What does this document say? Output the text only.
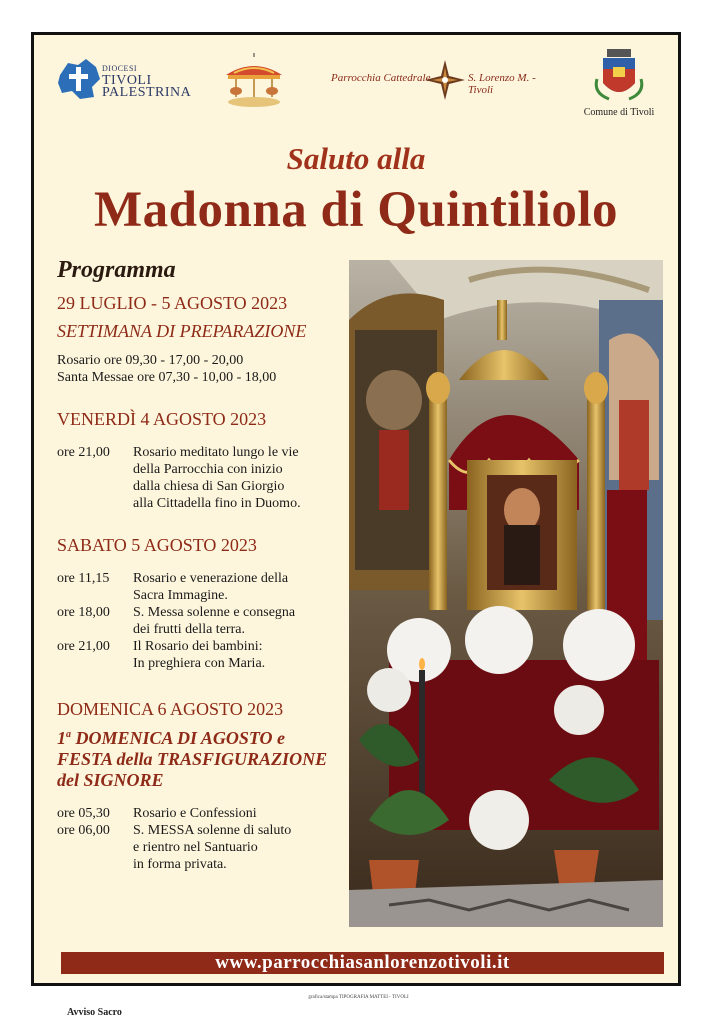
DIOCESI
TIVOLI
PALESTRINA
Parrocchia Cattedrale	S. Lorenzo M. - Tivoli
Comune di Tivoli
Saluto alla
Madonna di Quintiliolo

Programma

29 LUGLIO - 5 AGOSTO 2023

SETTIMANA DI PREPARAZIONE

Rosario ore 09,30 - 17,00 - 20,00

Santa Messae ore 07,30 - 10,00 - 18,00

VENERDÌ 4 AGOSTO 2023

ore 21,00	Rosario meditato lungo le vie
della Parrocchia con inizio
dalla chiesa di San Giorgio
alla Cittadella fino in Duomo.

SABATO 5 AGOSTO 2023

ore 11,15	Rosario e venerazione della
Sacra Immagine.
ore 18,00	S. Messa solenne e consegna
dei frutti della terra.
ore 21,00	Il Rosario dei bambini:
In preghiera con Maria.

DOMENICA 6 AGOSTO 2023

1$^a$ DOMENICA DI AGOSTO e
FESTA della TRASFIGURAZIONE
del SIGNORE

ore 05,30	Rosario e Confessioni
ore 06,00	S. MESSA solenne di saluto
e rientro nel Santuario
in forma privata.
www.parrocchiasanlorenzotivoli.it
Avviso Sacro
grafica/stampa TIPOGRAFIA MATTEI - TIVOLI
